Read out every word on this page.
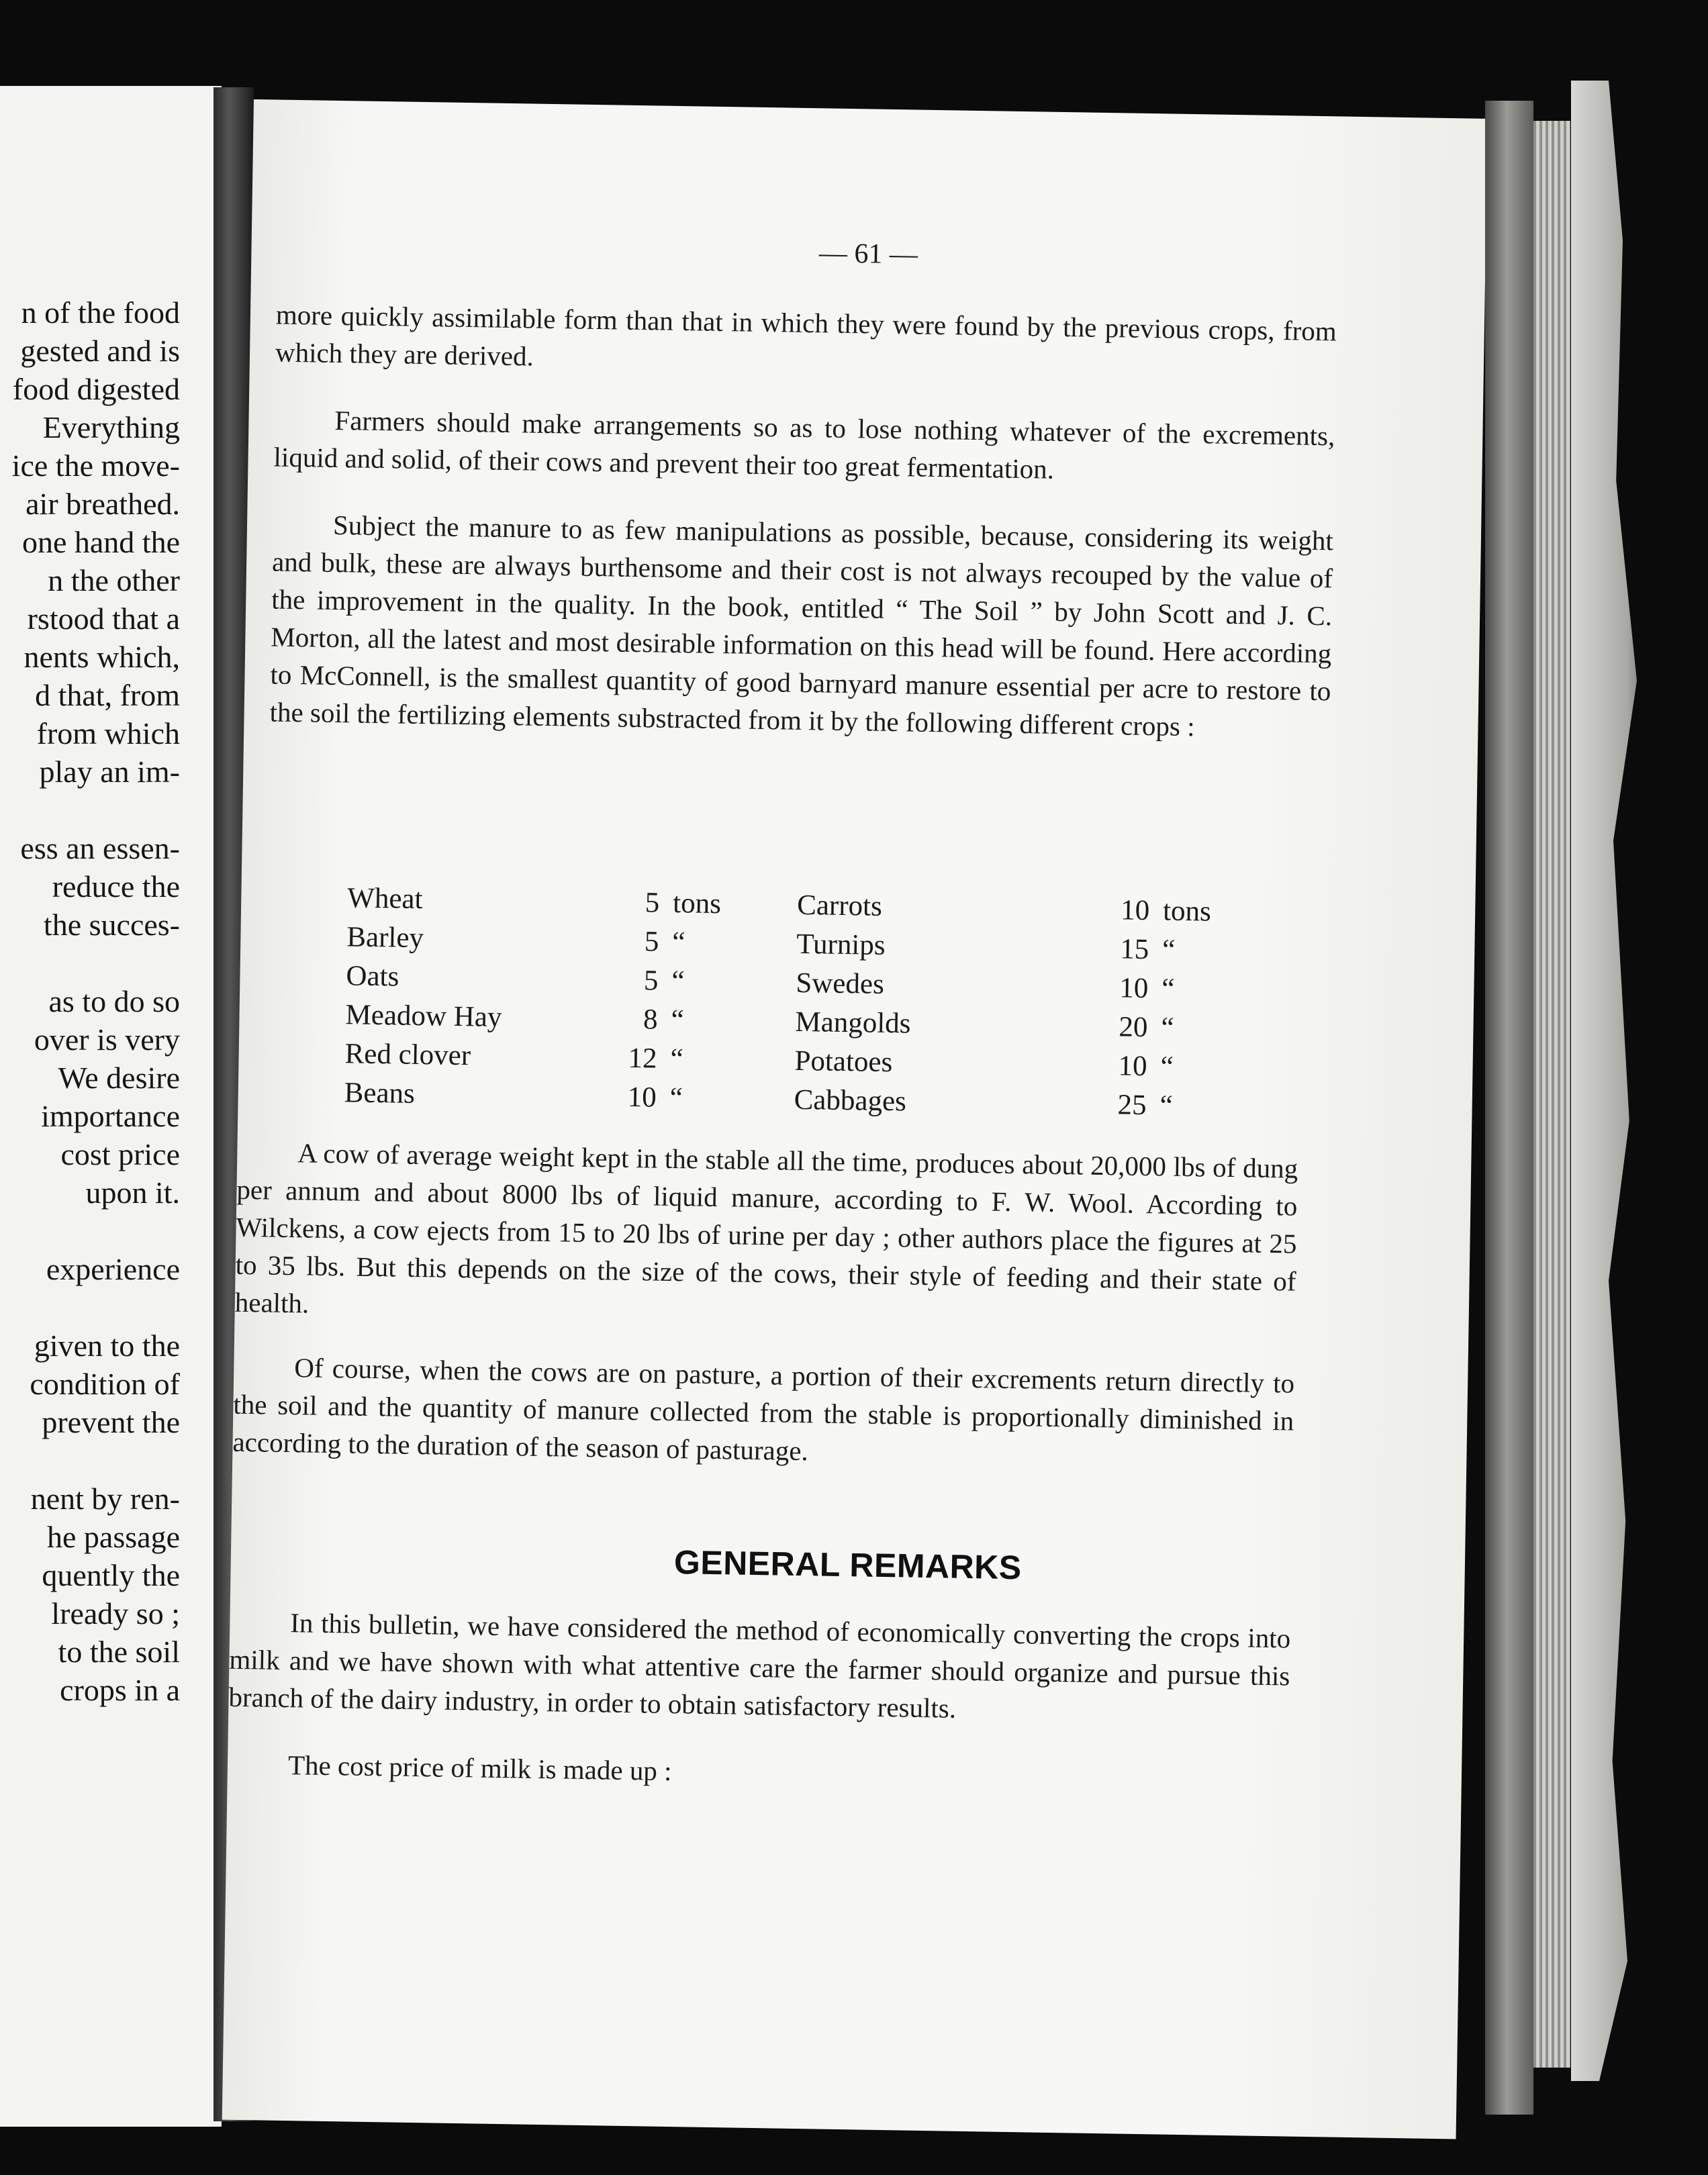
n of the food
gested and is
food digested
Everything
ice the move-
air breathed.
one hand the
n the other
rstood that a
nents which,
d that, from
from which
play an im-
ess an essen-
reduce the
the succes-
as to do so
over is very
We desire
importance
cost price
upon it.
experience
given to the
condition of
prevent the
nent by ren-
he passage
quently the
lready so ;
to the soil
crops in a
— 61 —

more quickly assimilable form than that in which they were found by the previous crops, from which they are derived.

Farmers should make arrangements so as to lose nothing whatever of the excrements, liquid and solid, of their cows and prevent their too great fermentation.

Subject the manure to as few manipulations as possible, because, considering its weight and bulk, these are always burthensome and their cost is not always recouped by the value of the improvement in the quality. In the book, entitled “ The Soil ” by John Scott and J. C. Morton, all the latest and most desirable information on this head will be found. Here according to McConnell, is the smallest quantity of good barnyard manure essential per acre to restore to the soil the fertilizing elements substracted from it by the following different crops :

Wheat	5	tons	Carrots	10	tons
Barley	5	“	Turnips	15	“
Oats	5	“	Swedes	10	“
Meadow Hay	8	“	Mangolds	20	“
Red clover	12	“	Potatoes	10	“
Beans	10	“	Cabbages	25	“

A cow of average weight kept in the stable all the time, produces about 20,000 lbs of dung per annum and about 8000 lbs of liquid manure, according to F. W. Wool. According to Wilckens, a cow ejects from 15 to 20 lbs of urine per day ; other authors place the figures at 25 to 35 lbs. But this depends on the size of the cows, their style of feeding and their state of health.

Of course, when the cows are on pasture, a portion of their excrements return directly to the soil and the quantity of manure collected from the stable is proportionally diminished in according to the duration of the season of pasturage.

GENERAL REMARKS

In this bulletin, we have considered the method of economically converting the crops into milk and we have shown with what attentive care the farmer should organize and pursue this branch of the dairy industry, in order to obtain satisfactory results.

The cost price of milk is made up :
